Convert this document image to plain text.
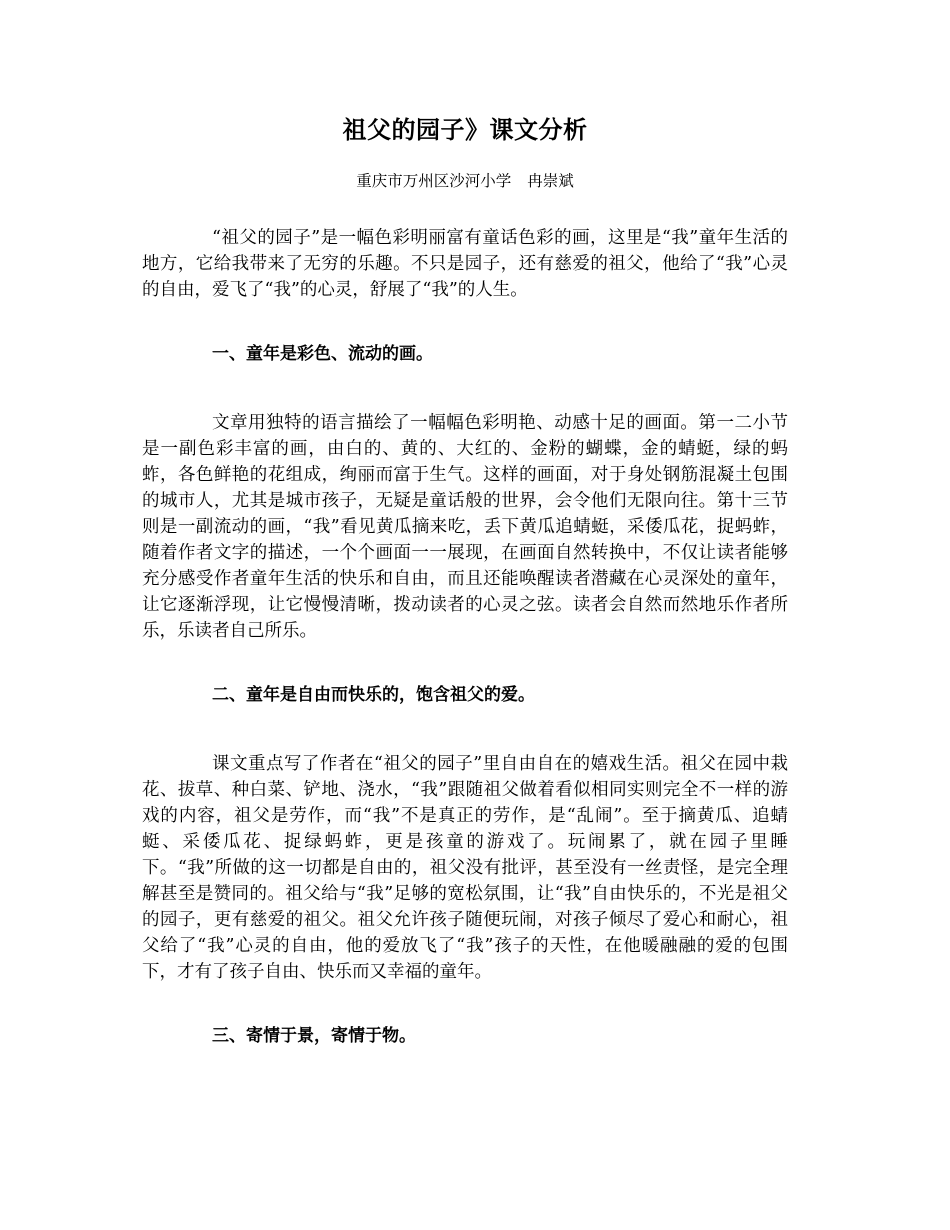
祖父的园子》课文分析
重庆市万州区沙河小学 冉崇斌

“祖父的园子”是一幅色彩明丽富有童话色彩的画，这里是“我”童年生活的地方，它给我带来了无穷的乐趣。不只是园子，还有慈爱的祖父，他给了“我”心灵的自由，爱飞了“我”的心灵，舒展了“我”的人生。

一、童年是彩色、流动的画。

文章用独特的语言描绘了一幅幅色彩明艳、动感十足的画面。第一二小节是一副色彩丰富的画，由白的、黄的、大红的、金粉的蝴蝶，金的蜻蜓，绿的蚂蚱，各色鲜艳的花组成，绚丽而富于生气。这样的画面，对于身处钢筋混凝土包围的城市人，尤其是城市孩子，无疑是童话般的世界，会令他们无限向往。第十三节则是一副流动的画，“我”看见黄瓜摘来吃，丢下黄瓜追蜻蜓，采倭瓜花，捉蚂蚱，随着作者文字的描述，一个个画面一一展现，在画面自然转换中，不仅让读者能够充分感受作者童年生活的快乐和自由，而且还能唤醒读者潜藏在心灵深处的童年，让它逐渐浮现，让它慢慢清晰，拨动读者的心灵之弦。读者会自然而然地乐作者所乐，乐读者自己所乐。

二、童年是自由而快乐的，饱含祖父的爱。

课文重点写了作者在“祖父的园子”里自由自在的嬉戏生活。祖父在园中栽花、拔草、种白菜、铲地、浇水，“我”跟随祖父做着看似相同实则完全不一样的游戏的内容，祖父是劳作，而“我”不是真正的劳作，是“乱闹”。至于摘黄瓜、追蜻蜓、采倭瓜花、捉绿蚂蚱，更是孩童的游戏了。玩闹累了，就在园子里睡下。“我”所做的这一切都是自由的，祖父没有批评，甚至没有一丝责怪，是完全理解甚至是赞同的。祖父给与“我”足够的宽松氛围，让“我”自由快乐的，不光是祖父的园子，更有慈爱的祖父。祖父允许孩子随便玩闹，对孩子倾尽了爱心和耐心，祖父给了“我”心灵的自由，他的爱放飞了“我”孩子的天性，在他暖融融的爱的包围下，才有了孩子自由、快乐而又幸福的童年。

三、寄情于景，寄情于物。
